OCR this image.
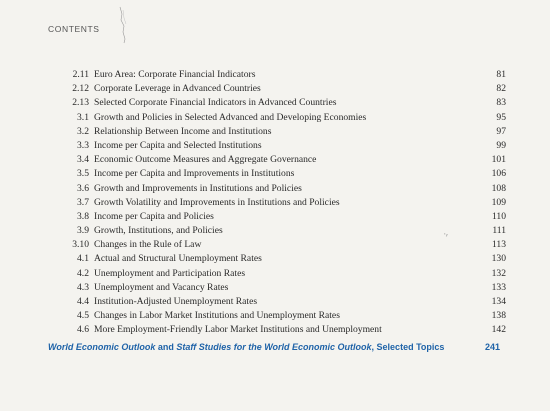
CONTENTS
ʹʸ
2.11 Euro Area: Corporate Financial Indicators	81
2.12 Corporate Leverage in Advanced Countries	82
2.13 Selected Corporate Financial Indicators in Advanced Countries	83
3.1 Growth and Policies in Selected Advanced and Developing Economies	95
3.2 Relationship Between Income and Institutions	97
3.3 Income per Capita and Selected Institutions	99
3.4 Economic Outcome Measures and Aggregate Governance	101
3.5 Income per Capita and Improvements in Institutions	106
3.6 Growth and Improvements in Institutions and Policies	108
3.7 Growth Volatility and Improvements in Institutions and Policies	109
3.8 Income per Capita and Policies	110
3.9 Growth, Institutions, and Policies	111
3.10 Changes in the Rule of Law	113
4.1 Actual and Structural Unemployment Rates	130
4.2 Unemployment and Participation Rates	132
4.3 Unemployment and Vacancy Rates	133
4.4 Institution-Adjusted Unemployment Rates	134
4.5 Changes in Labor Market Institutions and Unemployment Rates	138
4.6 More Employment-Friendly Labor Market Institutions and Unemployment	142
World Economic Outlook and Staff Studies for the World Economic Outlook, Selected Topics	241
